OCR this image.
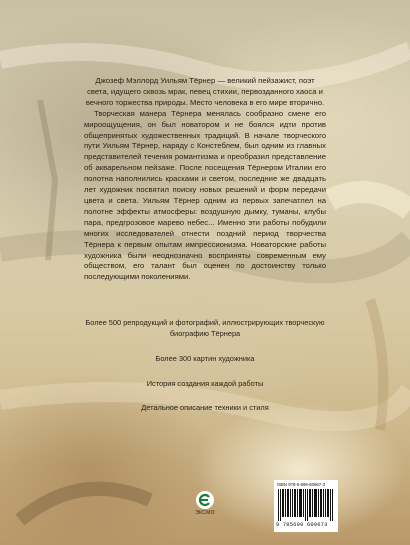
Джозеф Мэллорд Уильям Тёрнер — великий пейзажист, поэт света, идущего сквозь мрак, певец стихии, первозданного хаоса и вечного торжества природы. Место человека в его мире вторично.

Творческая манера Тёрнера менялась сообразно смене его мироощущения, он был новатором и не боялся идти против общепринятых художественных традиций. В начале творческого пути Уильям Тёрнер, наряду с Констеблем, был одним из главных представителей течения романтизма и преобразил представление об акварельном пейзаже. После посещения Тёрнером Италии его полотна наполнились красками и светом, последние же двадцать лет художник посвятил поиску новых решений и форм передачи цвета и света. Уильям Тёрнер одним из первых запечатлел на полотне эффекты атмосферы: воздушную дымку, туманы, клубы пара, предгрозовое марево небес... Именно эти работы побудили многих исследователей отнести поздний период творчества Тёрнера к первым опытам импрессионизма. Новаторские работы художника были неоднозначно восприняты современным ему обществом, его талант был оценен по достоинству только последующими поколениями.

Более 500 репродукций и фотографий, иллюстрирующих творческую биографию Тёрнера
Более 300 картин художника
История создания каждой работы
Детальное описание техники и стиля
ЭКСМО
ISBN 978-5-699-60967-3
9 785699 609673
